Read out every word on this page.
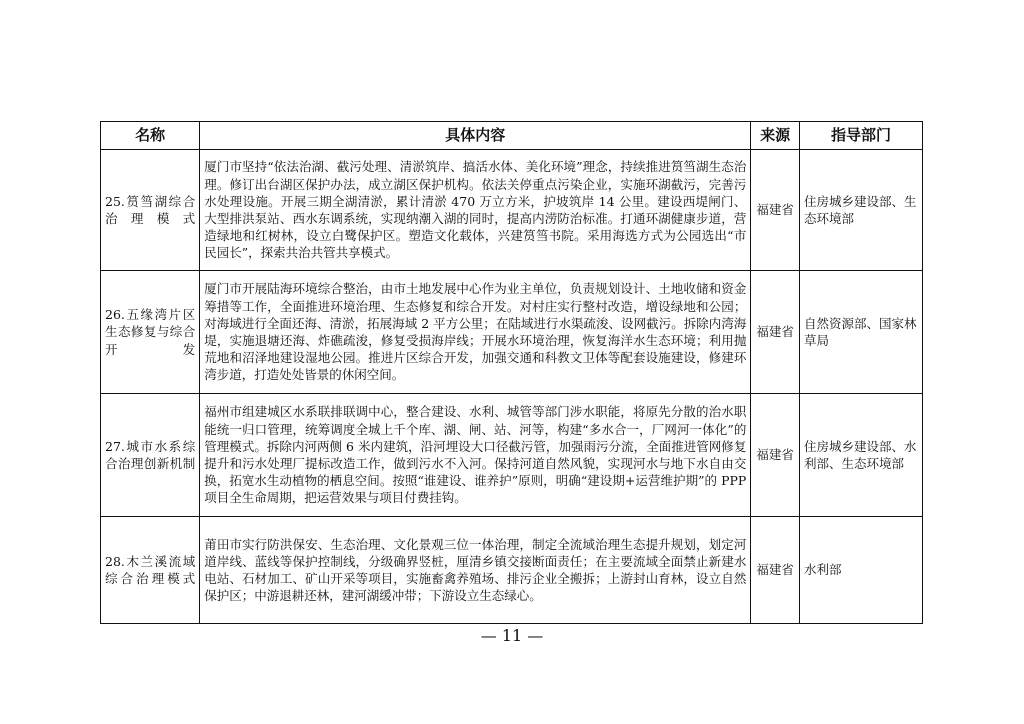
名称	具体内容	来源	指导部门
25.筼筜湖综合治理模式	厦门市坚持“依法治湖、截污处理、清淤筑岸、搞活水体、美化环境”理念，持续推进筼筜湖生态治理。修订出台湖区保护办法，成立湖区保护机构。依法关停重点污染企业，实施环湖截污，完善污水处理设施。开展三期全湖清淤，累计清淤 470 万立方米，护坡筑岸 14 公里。建设西堤闸门、大型排洪泵站、西水东调系统，实现纳潮入湖的同时，提高内涝防治标准。打通环湖健康步道，营造绿地和红树林，设立白鹭保护区。塑造文化载体，兴建筼筜书院。采用海选方式为公园选出“市民园长”，探索共治共管共享模式。	福建省	住房城乡建设部、生态环境部
26.五缘湾片区生态修复与综合开发	厦门市开展陆海环境综合整治，由市土地发展中心作为业主单位，负责规划设计、土地收储和资金筹措等工作，全面推进环境治理、生态修复和综合开发。对村庄实行整村改造，增设绿地和公园；对海域进行全面还海、清淤，拓展海域 2 平方公里；在陆域进行水渠疏浚、设网截污。拆除内湾海堤，实施退塘还海、炸礁疏浚，修复受损海岸线；开展水环境治理，恢复海洋水生态环境；利用抛荒地和沼泽地建设湿地公园。推进片区综合开发，加强交通和科教文卫体等配套设施建设，修建环湾步道，打造处处皆景的休闲空间。	福建省	自然资源部、国家林草局
27.城市水系综合治理创新机制	福州市组建城区水系联排联调中心，整合建设、水利、城管等部门涉水职能，将原先分散的治水职能统一归口管理，统筹调度全城上千个库、湖、闸、站、河等，构建“多水合一，厂网河一体化”的管理模式。拆除内河两侧 6 米内建筑，沿河埋设大口径截污管，加强雨污分流，全面推进管网修复提升和污水处理厂提标改造工作，做到污水不入河。保持河道自然风貌，实现河水与地下水自由交换，拓宽水生动植物的栖息空间。按照“谁建设、谁养护”原则，明确“建设期+运营维护期”的 PPP 项目全生命周期，把运营效果与项目付费挂钩。	福建省	住房城乡建设部、水利部、生态环境部
28.木兰溪流域综合治理模式	莆田市实行防洪保安、生态治理、文化景观三位一体治理，制定全流域治理生态提升规划，划定河道岸线、蓝线等保护控制线，分级确界竖桩，厘清乡镇交接断面责任；在主要流域全面禁止新建水电站、石材加工、矿山开采等项目，实施畜禽养殖场、排污企业全搬拆；上游封山育林，设立自然保护区；中游退耕还林，建河湖缓冲带；下游设立生态绿心。	福建省	水利部
— 11 —
